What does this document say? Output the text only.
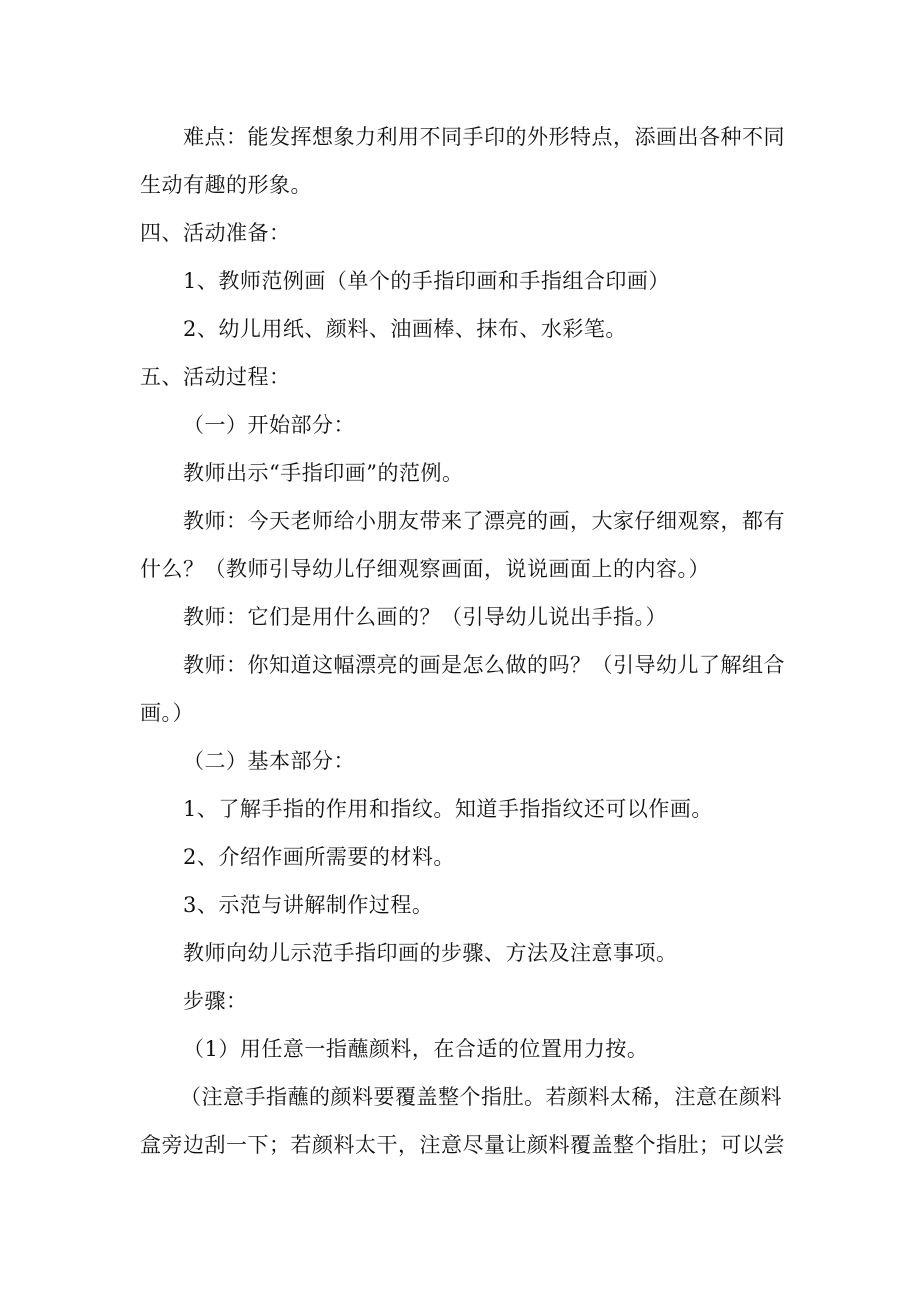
难点：能发挥想象力利用不同手印的外形特点，添画出各种不同
生动有趣的形象。
四、活动准备：
1、教师范例画（单个的手指印画和手指组合印画）
2、幼儿用纸、颜料、油画棒、抹布、水彩笔。
五、活动过程：
（一）开始部分：
教师出示“手指印画”的范例。
教师：今天老师给小朋友带来了漂亮的画，大家仔细观察，都有
什么？（教师引导幼儿仔细观察画面，说说画面上的内容。）
教师：它们是用什么画的？（引导幼儿说出手指。）
教师：你知道这幅漂亮的画是怎么做的吗？（引导幼儿了解组合
画。）
（二）基本部分：
1、了解手指的作用和指纹。知道手指指纹还可以作画。
2、介绍作画所需要的材料。
3、示范与讲解制作过程。
教师向幼儿示范手指印画的步骤、方法及注意事项。
步骤：
（1）用任意一指蘸颜料，在合适的位置用力按。
（注意手指蘸的颜料要覆盖整个指肚。若颜料太稀，注意在颜料
盒旁边刮一下；若颜料太干，注意尽量让颜料覆盖整个指肚；可以尝
